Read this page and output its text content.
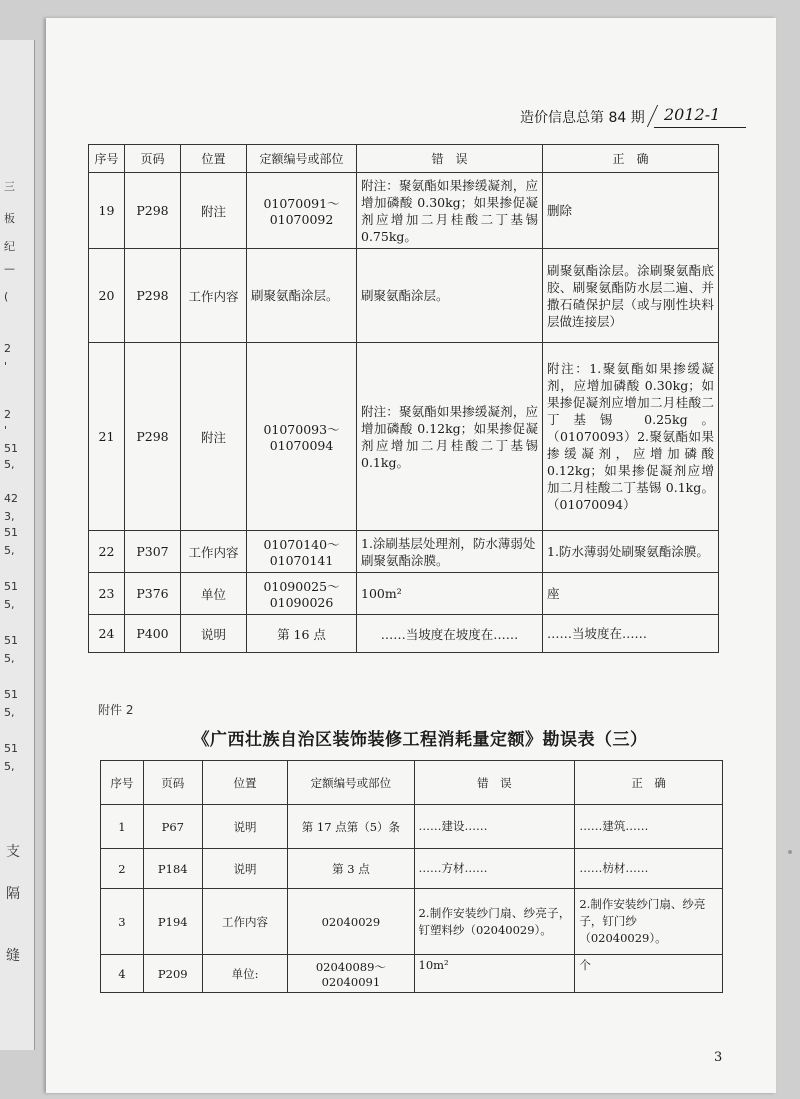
三
板
纪
—
(
2
'
2
'
51
5,
42
3,
51
5,
51
5,
51
5,
51
5,
51
5,
支
隔
缝
造价信息总第 84 期 2012-1
序号	页码	位置	定额编号或部位	错　误	正　确
19	P298	附注	01070091～01070092	附注：聚氨酯如果掺缓凝剂，应增加磷酸 0.30kg；如果掺促凝剂应增加二月桂酸二丁基锡 0.75kg。	删除
20	P298	工作内容	刷聚氨酯涂层。	刷聚氨酯涂层。	刷聚氨酯涂层。涂刷聚氨酯底胶、刷聚氨酯防水层二遍、并撒石碴保护层（或与刚性块料层做连接层）
21	P298	附注	01070093～01070094	附注：聚氨酯如果掺缓凝剂，应增加磷酸 0.12kg；如果掺促凝剂应增加二月桂酸二丁基锡 0.1kg。	附注：1.聚氨酯如果掺缓凝剂，应增加磷酸 0.30kg；如果掺促凝剂应增加二月桂酸二丁基锡 0.25kg。（01070093）2.聚氨酯如果掺缓凝剂，应增加磷酸 0.12kg；如果掺促凝剂应增加二月桂酸二丁基锡 0.1kg。（01070094）
22	P307	工作内容	01070140～01070141	1.涂刷基层处理剂，防水薄弱处刷聚氨酯涂膜。	1.防水薄弱处刷聚氨酯涂膜。
23	P376	单位	01090025～01090026	100m²	座
24	P400	说明	第 16 点	……当坡度在坡度在……	……当坡度在……
附件 2
《广西壮族自治区装饰装修工程消耗量定额》勘误表（三）
序号	页码	位置	定额编号或部位	错　误	正　确
1	P67	说明	第 17 点第（5）条	……建设……	……建筑……
2	P184	说明	第 3 点	……方材……	……枋材……
3	P194	工作内容	02040029	2.制作安装纱门扇、纱亮子，钉塑料纱（02040029）。	2.制作安装纱门扇、纱亮子，钉门纱（02040029）。
4	P209	单位:	02040089～02040091	10m²	个
3
